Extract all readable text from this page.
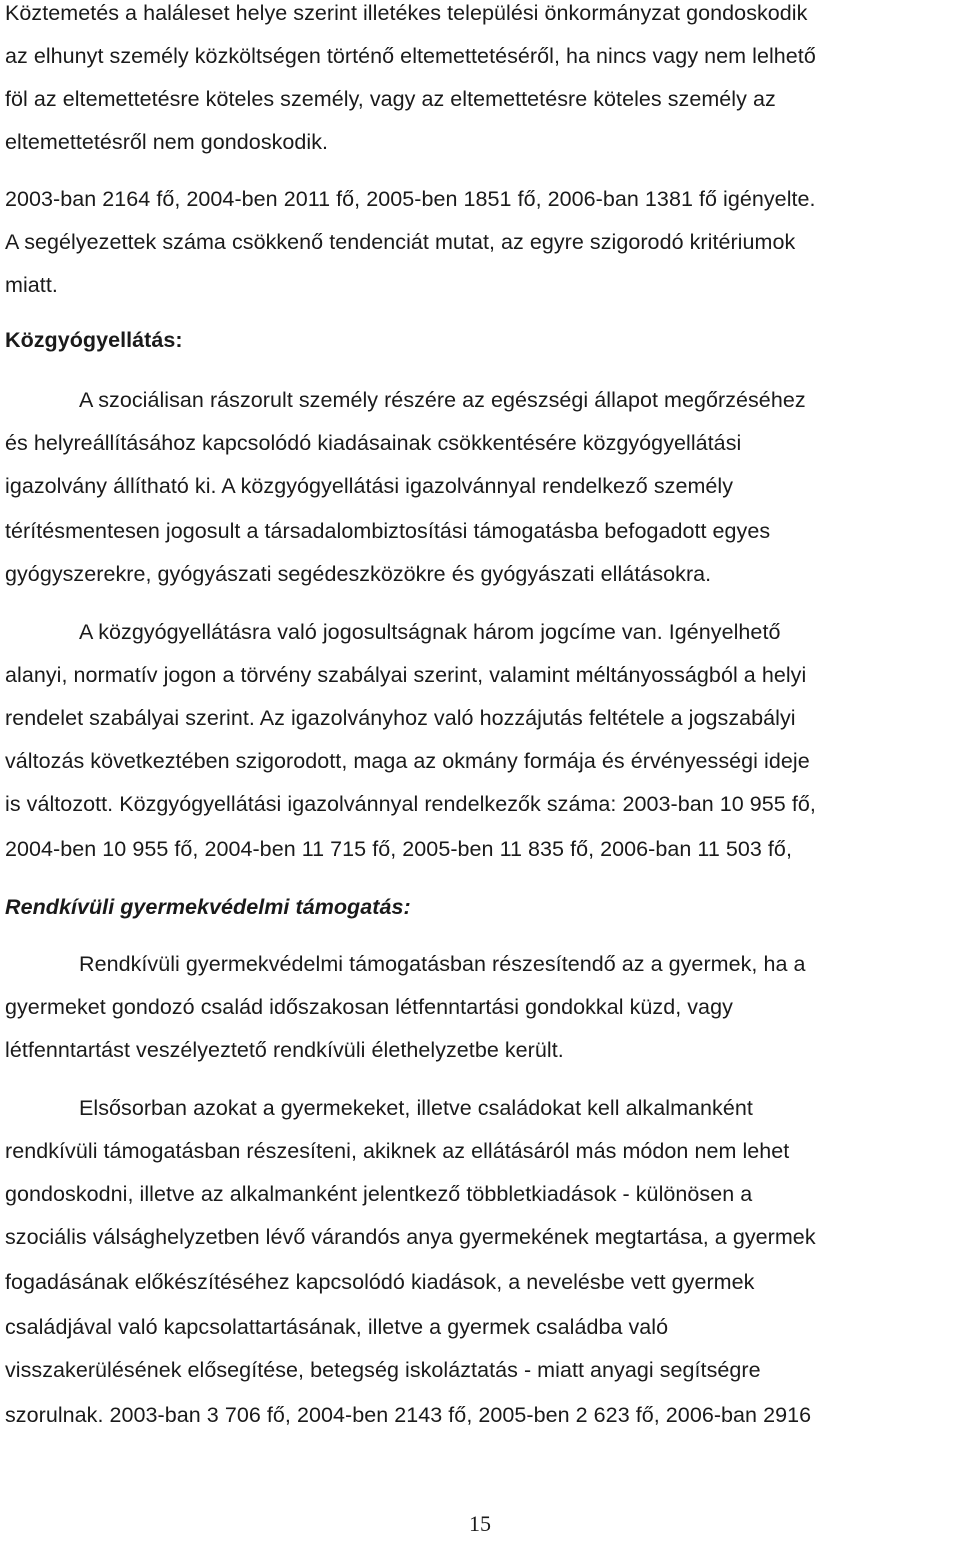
Köztemetés a haláleset helye szerint illetékes települési önkormányzat gondoskodik
az elhunyt személy közköltségen történő eltemettetéséről, ha nincs vagy nem lelhető
föl az eltemettetésre köteles személy, vagy az eltemettetésre köteles személy az
eltemettetésről nem gondoskodik.
2003-ban 2164 fő, 2004-ben 2011 fő, 2005-ben 1851 fő, 2006-ban 1381 fő igényelte.
A segélyezettek száma csökkenő tendenciát mutat, az egyre szigorodó kritériumok
miatt.
Közgyógyellátás:
A szociálisan rászorult személy részére az egészségi állapot megőrzéséhez
és helyreállításához kapcsolódó kiadásainak csökkentésére közgyógyellátási
igazolvány állítható ki. A közgyógyellátási igazolvánnyal rendelkező személy
térítésmentesen jogosult a társadalombiztosítási támogatásba befogadott egyes
gyógyszerekre, gyógyászati segédeszközökre és gyógyászati ellátásokra.
A közgyógyellátásra való jogosultságnak három jogcíme van. Igényelhető
alanyi, normatív jogon a törvény szabályai szerint, valamint méltányosságból a helyi
rendelet szabályai szerint. Az igazolványhoz való hozzájutás feltétele a jogszabályi
változás következtében szigorodott, maga az okmány formája és érvényességi ideje
is változott. Közgyógyellátási igazolvánnyal rendelkezők száma: 2003-ban 10 955 fő,
2004-ben 10 955 fő, 2004-ben 11 715 fő, 2005-ben 11 835 fő, 2006-ban 11 503 fő,
Rendkívüli gyermekvédelmi támogatás:
Rendkívüli gyermekvédelmi támogatásban részesítendő az a gyermek, ha a
gyermeket gondozó család időszakosan létfenntartási gondokkal küzd, vagy
létfenntartást veszélyeztető rendkívüli élethelyzetbe került.
Elsősorban azokat a gyermekeket, illetve családokat kell alkalmanként
rendkívüli támogatásban részesíteni, akiknek az ellátásáról más módon nem lehet
gondoskodni, illetve az alkalmanként jelentkező többletkiadások - különösen a
szociális válsághelyzetben lévő várandós anya gyermekének megtartása, a gyermek
fogadásának előkészítéséhez kapcsolódó kiadások, a nevelésbe vett gyermek
családjával való kapcsolattartásának, illetve a gyermek családba való
visszakerülésének elősegítése, betegség iskoláztatás - miatt anyagi segítségre
szorulnak. 2003-ban 3 706 fő, 2004-ben 2143 fő, 2005-ben 2 623 fő, 2006-ban 2916
15
